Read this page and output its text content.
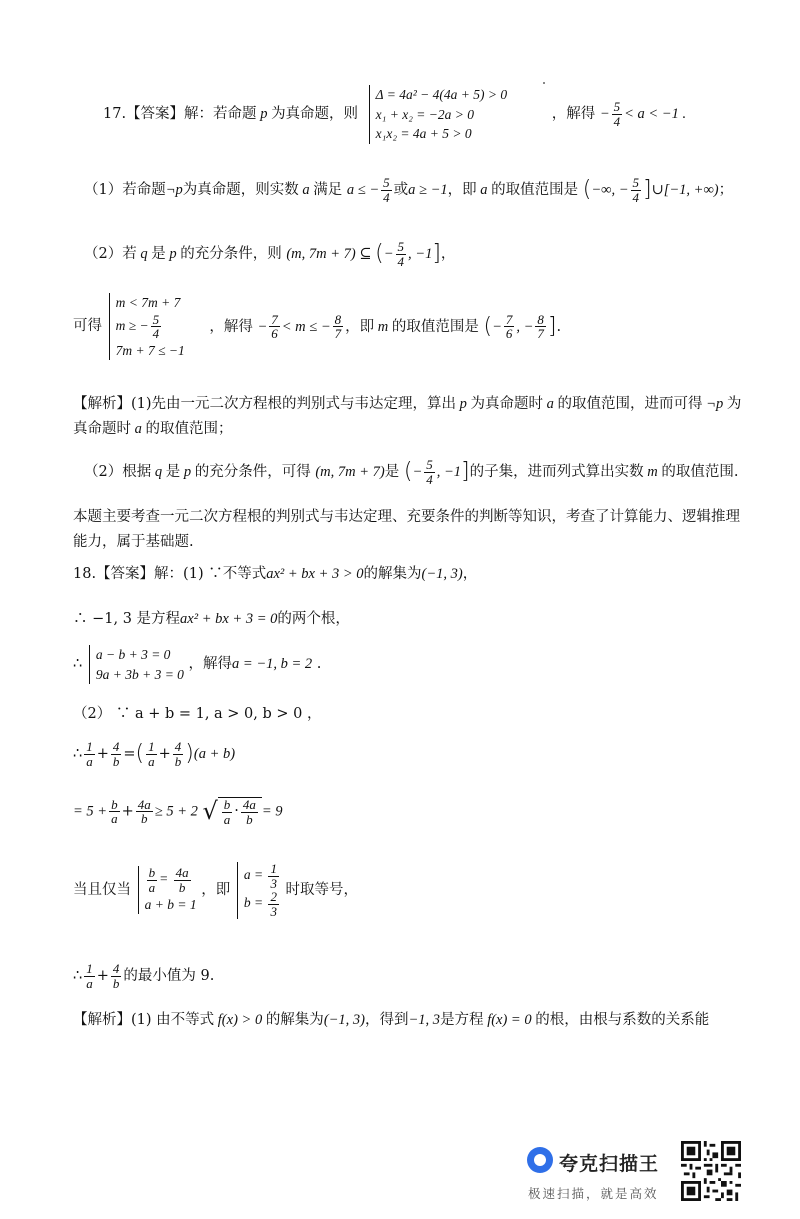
17.【答案】解：若命题 p 为真命题，则
Δ = 4a² − 4(4a + 5) > 0
x₁ + x₂ = −2a > 0
x₁x₂ = 4a + 5 > 0
，解得 − $\frac{5}{4} < a < -1$ .
（1）若命题¬p为真命题，则实数 a 满足 a ≤ − $\frac{5}{4}$ 或a ≥ −1，即 a 的取值范围是 (−∞, − $\frac{5}{4}$ ]∪[−1, +∞)；
（2）若 q 是 p 的充分条件，则 (m, 7m + 7) ⊆ (− $\frac{5}{4}$ , −1]，
可得
m < 7m + 7
m ≥ − $\frac{5}{4}$
7m + 7 ≤ −1
，解得 − $\frac{7}{6} < m$ ≤ − $\frac{8}{7}$ ，即 m 的取值范围是 (− $\frac{7}{6}$ , − $\frac{8}{7}$ ].
【解析】(1)先由一元二次方程根的判别式与韦达定理，算出 p 为真命题时 a 的取值范围，进而可得 ¬p 为
真命题时 a 的取值范围；
（2）根据 q 是 p 的充分条件，可得 (m, 7m + 7)是 (− $\frac{5}{4}$ , −1]的子集，进而列式算出实数 m 的取值范围.
本题主要考查一元二次方程根的判别式与韦达定理、充要条件的判断等知识，考查了计算能力、逻辑推理
能力，属于基础题.
18.【答案】解：(1) ∵不等式ax² + bx + 3 > 0的解集为(−1, 3)，
∴ −1, 3 是方程ax² + bx + 3 = 0的两个根，
∴
a − b + 3 = 0
9a + 3b + 3 = 0
，解得a = −1, b = 2 .
（2） ∵ a + b = 1, a > 0, b > 0 ，
∴ $\frac{1}{a} + \frac{4}{b}$ =( $\frac{1}{a} + \frac{4}{b} )(a + b)$
= $5 + \frac{b}{a} + \frac{4a}{b} \ge 5 + 2$ √ $\frac{b}{a} \cdot \frac{4a}{b} = 9$
当且仅当 $\frac{b}{a} = \frac{4a}{b}$
a + b = 1
，即
$a = \frac{1}{3}$
$b = \frac{2}{3}$
时取等号，
∴ $\frac{1}{a} + \frac{4}{b}$ 的最小值为 9.
【解析】(1) 由不等式 f(x) > 0 的解集为(−1, 3)，得到−1, 3是方程 f(x) = 0 的根，由根与系数的关系能
夸克扫描王
极速扫描，就是高效
